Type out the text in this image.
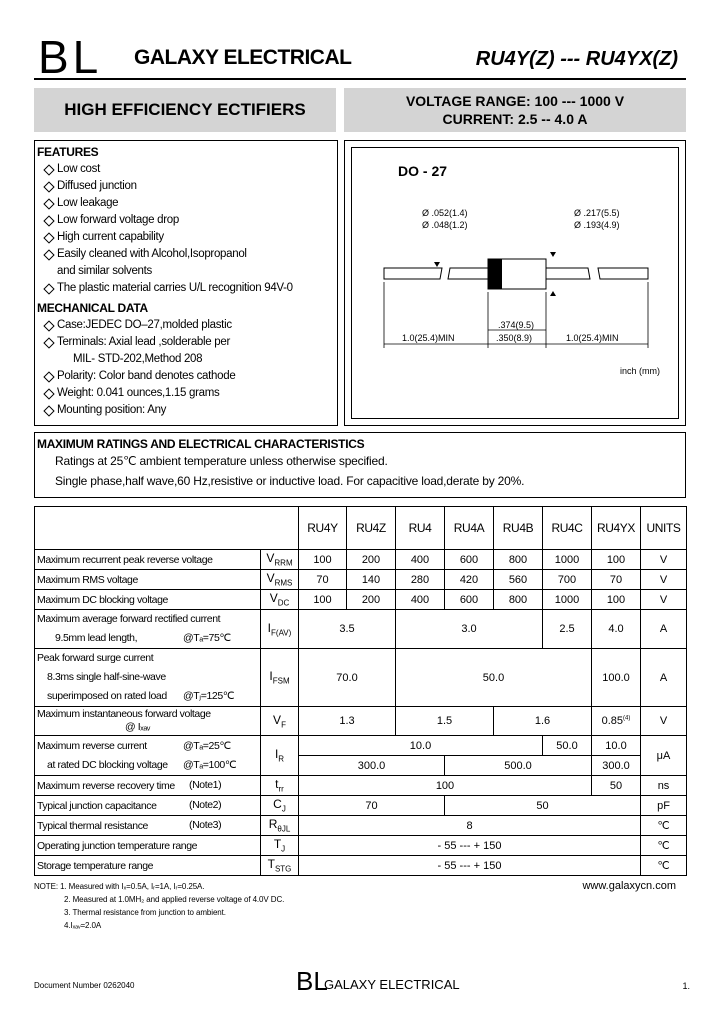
BL GALAXY ELECTRICAL	RU4Y(Z) --- RU4YX(Z)
HIGH EFFICIENCY ECTIFIERS	VOLTAGE RANGE: 100 --- 1000 V
CURRENT: 2.5 -- 4.0 A
FEATURES
Low cost
Diffused junction
Low leakage
Low forward voltage drop
High current capability
Easily cleaned with Alcohol,Isopropanol
and similar solvents
The plastic material carries U/L recognition 94V-0
MECHANICAL DATA
Case:JEDEC DO–27,molded plastic
Terminals: Axial lead ,solderable per
MIL- STD-202,Method 208
Polarity: Color band denotes cathode
Weight: 0.041 ounces,1.15 grams
Mounting position: Any
DO - 27
Ø .052(1.4)
Ø .048(1.2)
Ø .217(5.5)
Ø .193(4.9)
1.0(25.4)MIN	1.0(25.4)MIN
.374(9.5)
.350(8.9)
inch (mm)
MAXIMUM RATINGS AND ELECTRICAL CHARACTERISTICS
Ratings at 25℃ ambient temperature unless otherwise specified.
Single phase,half wave,60 Hz,resistive or inductive load. For capacitive load,derate by 20%.
		RU4Y	RU4Z	RU4	RU4A	RU4B	RU4C	RU4YX	UNITS
Maximum recurrent peak reverse voltage	$V_{RRM}$	100	200	400	600	800	1000	100	V
Maximum RMS voltage	$V_{RMS}$	70	140	280	420	560	700	70	V
Maximum DC blocking voltage	$V_{DC}$	100	200	400	600	800	1000	100	V

Maximum average forward rectified current
9.5mm lead length, @Tₐ=75℃	$I_{F(AV)}$	3.5		3.0			2.5	4.0	A

Peak forward surge current
8.3ms single half-sine-wave
superimposed on rated load @Tⱼ=125℃	$I_{FSM}$	70.0		50.0				100.0	A

Maximum instantaneous forward voltage
@ Iₓₐᵥ	$V_F$	1.3		1.5		1.6		0.85$^{(4)}$	V

Maximum reverse current @Tₐ=25℃
at rated DC blocking voltage @Tₐ=100℃	$I_R$	10.0					50.0	10.0	μA
		300.0			500.0			300.0	
Maximum reverse recovery time (Note1)	$t_{rr}$	100						50	ns
Typical junction capacitance (Note2)	$C_J$	70			50				pF
Typical thermal resistance (Note3)	$R_{\theta JL}$	8							℃
Operating junction temperature range	$T_J$	- 55 --- + 150							℃
Storage temperature range	$T_{STG}$	- 55 --- + 150							℃
NOTE: 1. Measured with Iₓ=0.5A, Iᵣ=1A, Iᵣ=0.25A.
2. Measured at 1.0MH₂ and applied reverse voltage of 4.0V DC.
3. Thermal resistance from junction to ambient.
4.Iₓₐᵥ=2.0A
www.galaxycn.com
Document Number 0262040	BL
GALAXY ELECTRICAL	1.
